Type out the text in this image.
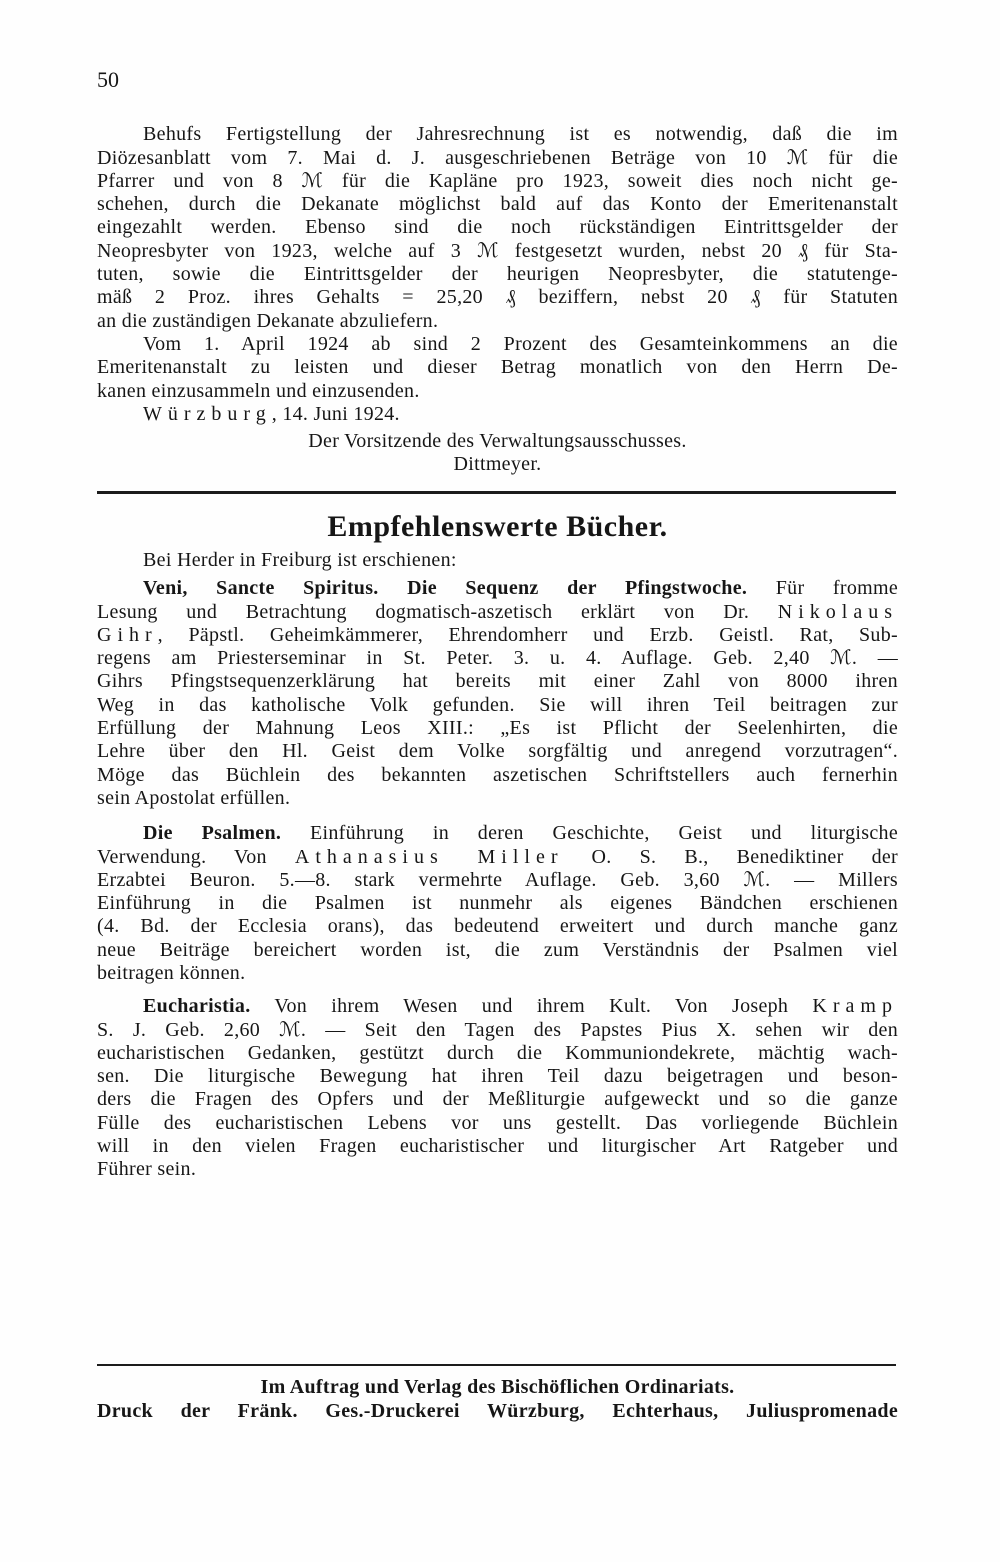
50
Behufs Fertigstellung der Jahresrechnung ist es notwendig, daß die im
Diözesanblatt vom 7. Mai d. J. ausgeschriebenen Beträge von 10 ℳ für die
Pfarrer und von 8 ℳ für die Kapläne pro 1923, soweit dies noch nicht ge-
schehen, durch die Dekanate möglichst bald auf das Konto der Emeritenanstalt
eingezahlt werden. Ebenso sind die noch rückständigen Eintrittsgelder der
Neopresbyter von 1923, welche auf 3 ℳ festgesetzt wurden, nebst 20 ₰ für Sta-
tuten, sowie die Eintrittsgelder der heurigen Neopresbyter, die statutenge-
mäß 2 Proz. ihres Gehalts = 25,20 ₰ beziffern, nebst 20 ₰ für Statuten
an die zuständigen Dekanate abzuliefern.
Vom 1. April 1924 ab sind 2 Prozent des Gesamteinkommens an die
Emeritenanstalt zu leisten und dieser Betrag monatlich von den Herrn De-
kanen einzusammeln und einzusenden.
Würzburg, 14. Juni 1924.
Der Vorsitzende des Verwaltungsausschusses.
Dittmeyer.
Empfehlenswerte Bücher.
Bei Herder in Freiburg ist erschienen:
Veni, Sancte Spiritus. Die Sequenz der Pfingstwoche. Für fromme
Lesung und Betrachtung dogmatisch-aszetisch erklärt von Dr. Nikolaus
Gihr, Päpstl. Geheimkämmerer, Ehrendomherr und Erzb. Geistl. Rat, Sub-
regens am Priesterseminar in St. Peter. 3. u. 4. Auflage. Geb. 2,40 ℳ. —
Gihrs Pfingstsequenzerklärung hat bereits mit einer Zahl von 8000 ihren
Weg in das katholische Volk gefunden. Sie will ihren Teil beitragen zur
Erfüllung der Mahnung Leos XIII.: „Es ist Pflicht der Seelenhirten, die
Lehre über den Hl. Geist dem Volke sorgfältig und anregend vorzutragen“.
Möge das Büchlein des bekannten aszetischen Schriftstellers auch fernerhin
sein Apostolat erfüllen.
Die Psalmen. Einführung in deren Geschichte, Geist und liturgische
Verwendung. Von Athanasius Miller O. S. B., Benediktiner der
Erzabtei Beuron. 5.—8. stark vermehrte Auflage. Geb. 3,60 ℳ. — Millers
Einführung in die Psalmen ist nunmehr als eigenes Bändchen erschienen
(4. Bd. der Ecclesia orans), das bedeutend erweitert und durch manche ganz
neue Beiträge bereichert worden ist, die zum Verständnis der Psalmen viel
beitragen können.
Eucharistia. Von ihrem Wesen und ihrem Kult. Von Joseph Kramp
S. J. Geb. 2,60 ℳ. — Seit den Tagen des Papstes Pius X. sehen wir den
eucharistischen Gedanken, gestützt durch die Kommuniondekrete, mächtig wach-
sen. Die liturgische Bewegung hat ihren Teil dazu beigetragen und beson-
ders die Fragen des Opfers und der Meßliturgie aufgeweckt und so die ganze
Fülle des eucharistischen Lebens vor uns gestellt. Das vorliegende Büchlein
will in den vielen Fragen eucharistischer und liturgischer Art Ratgeber und
Führer sein.
Im Auftrag und Verlag des Bischöflichen Ordinariats.
Druck der Fränk. Ges.-Druckerei Würzburg, Echterhaus, Juliuspromenade
